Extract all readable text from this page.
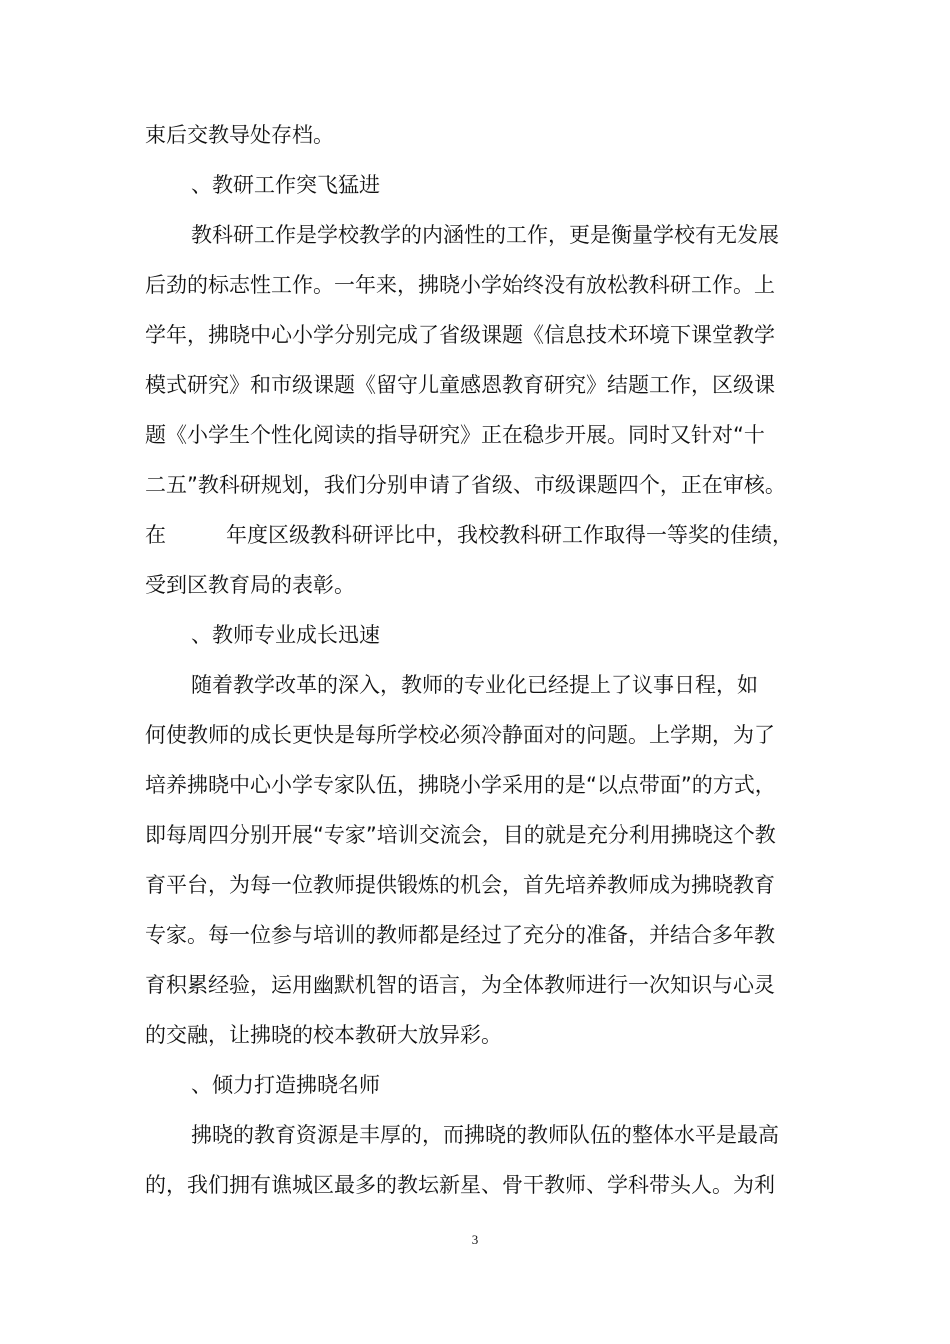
束后交教导处存档。
、教研工作突飞猛进
教科研工作是学校教学的内涵性的工作，更是衡量学校有无发展
后劲的标志性工作。一年来，拂晓小学始终没有放松教科研工作。上
学年，拂晓中心小学分别完成了省级课题《信息技术环境下课堂教学
模式研究》和市级课题《留守儿童感恩教育研究》结题工作，区级课
题《小学生个性化阅读的指导研究》正在稳步开展。同时又针对“十
二五”教科研规划，我们分别申请了省级、市级课题四个，正在审核。

在

	年度区级教科研评比中，我校教科研工作取得一等奖的佳绩，

受到区教育局的表彰。
、教师专业成长迅速
随着教学改革的深入，教师的专业化已经提上了议事日程，如
何使教师的成长更快是每所学校必须冷静面对的问题。上学期，为了
培养拂晓中心小学专家队伍，拂晓小学采用的是“以点带面”的方式，
即每周四分别开展“专家”培训交流会，目的就是充分利用拂晓这个教
育平台，为每一位教师提供锻炼的机会，首先培养教师成为拂晓教育
专家。每一位参与培训的教师都是经过了充分的准备，并结合多年教
育积累经验，运用幽默机智的语言，为全体教师进行一次知识与心灵
的交融，让拂晓的校本教研大放异彩。
、倾力打造拂晓名师
拂晓的教育资源是丰厚的，而拂晓的教师队伍的整体水平是最高
的，我们拥有谯城区最多的教坛新星、骨干教师、学科带头人。为利
3
